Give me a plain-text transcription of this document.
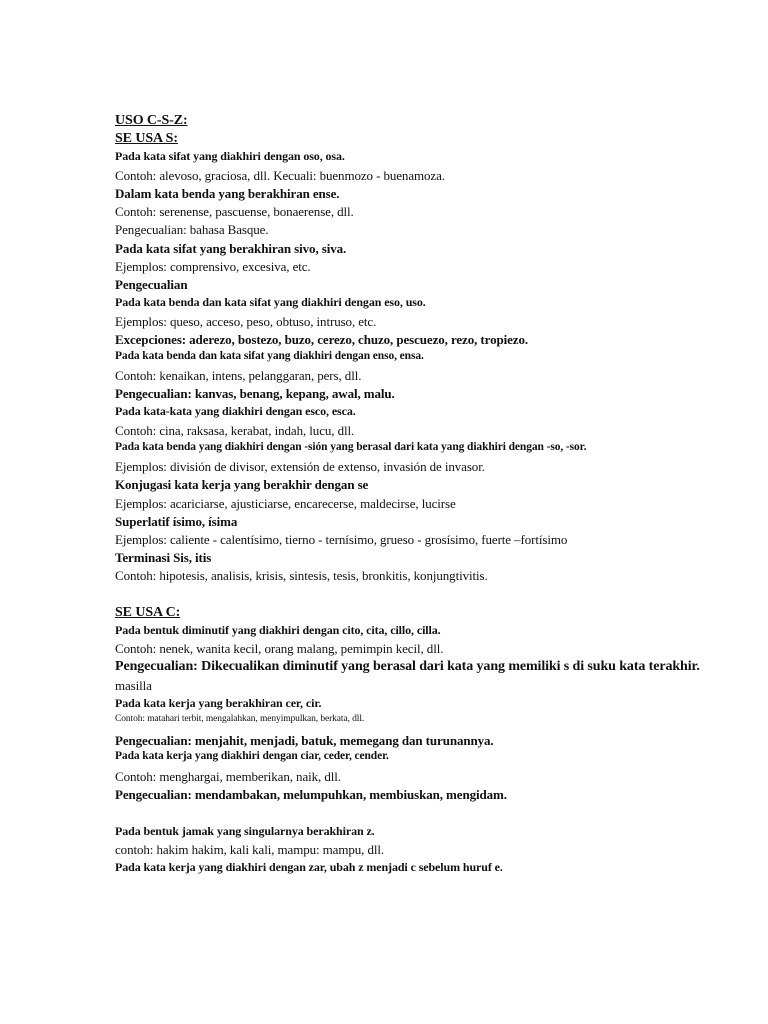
USO C-S-Z:
SE USA S:
Pada kata sifat yang diakhiri dengan oso, osa.
Contoh: alevoso, graciosa, dll. Kecuali: buenmozo - buenamoza.
Dalam kata benda yang berakhiran ense.
Contoh: serenense, pascuense, bonaerense, dll.
Pengecualian: bahasa Basque.
Pada kata sifat yang berakhiran sivo, siva.
Ejemplos: comprensivo, excesiva, etc.
Pengecualian
Pada kata benda dan kata sifat yang diakhiri dengan eso, uso.
Ejemplos: queso, acceso, peso, obtuso, intruso, etc.
Excepciones: aderezo, bostezo, buzo, cerezo, chuzo, pescuezo, rezo, tropiezo.
Pada kata benda dan kata sifat yang diakhiri dengan enso, ensa.
Contoh: kenaikan, intens, pelanggaran, pers, dll.
Pengecualian: kanvas, benang, kepang, awal, malu.
Pada kata-kata yang diakhiri dengan esco, esca.
Contoh: cina, raksasa, kerabat, indah, lucu, dll.
Pada kata benda yang diakhiri dengan -sión yang berasal dari kata yang diakhiri dengan -so, -sor.
Ejemplos: división de divisor, extensión de extenso, invasión de invasor.
Konjugasi kata kerja yang berakhir dengan se
Ejemplos: acariciarse, ajusticiarse, encarecerse, maldecirse, lucirse
Superlatif ísimo, ísima
Ejemplos: caliente - calentísimo, tierno - ternísimo, grueso - grosísimo, fuerte –fortísimo
Terminasi Sis, itis
Contoh: hipotesis, analisis, krisis, sintesis, tesis, bronkitis, konjungtivitis.
SE USA C:
Pada bentuk diminutif yang diakhiri dengan cito, cita, cillo, cilla.
Contoh: nenek, wanita kecil, orang malang, pemimpin kecil, dll.
Pengecualian: Dikecualikan diminutif yang berasal dari kata yang memiliki s di suku kata terakhir.
masilla
Pada kata kerja yang berakhiran cer, cir.
Contoh: matahari terbit, mengalahkan, menyimpulkan, berkata, dll.
Pengecualian: menjahit, menjadi, batuk, memegang dan turunannya.
Pada kata kerja yang diakhiri dengan ciar, ceder, cender.
Contoh: menghargai, memberikan, naik, dll.
Pengecualian: mendambakan, melumpuhkan, membiuskan, mengidam.
Pada bentuk jamak yang singularnya berakhiran z.
contoh: hakim hakim, kali kali, mampu: mampu, dll.
Pada kata kerja yang diakhiri dengan zar, ubah z menjadi c sebelum huruf e.
